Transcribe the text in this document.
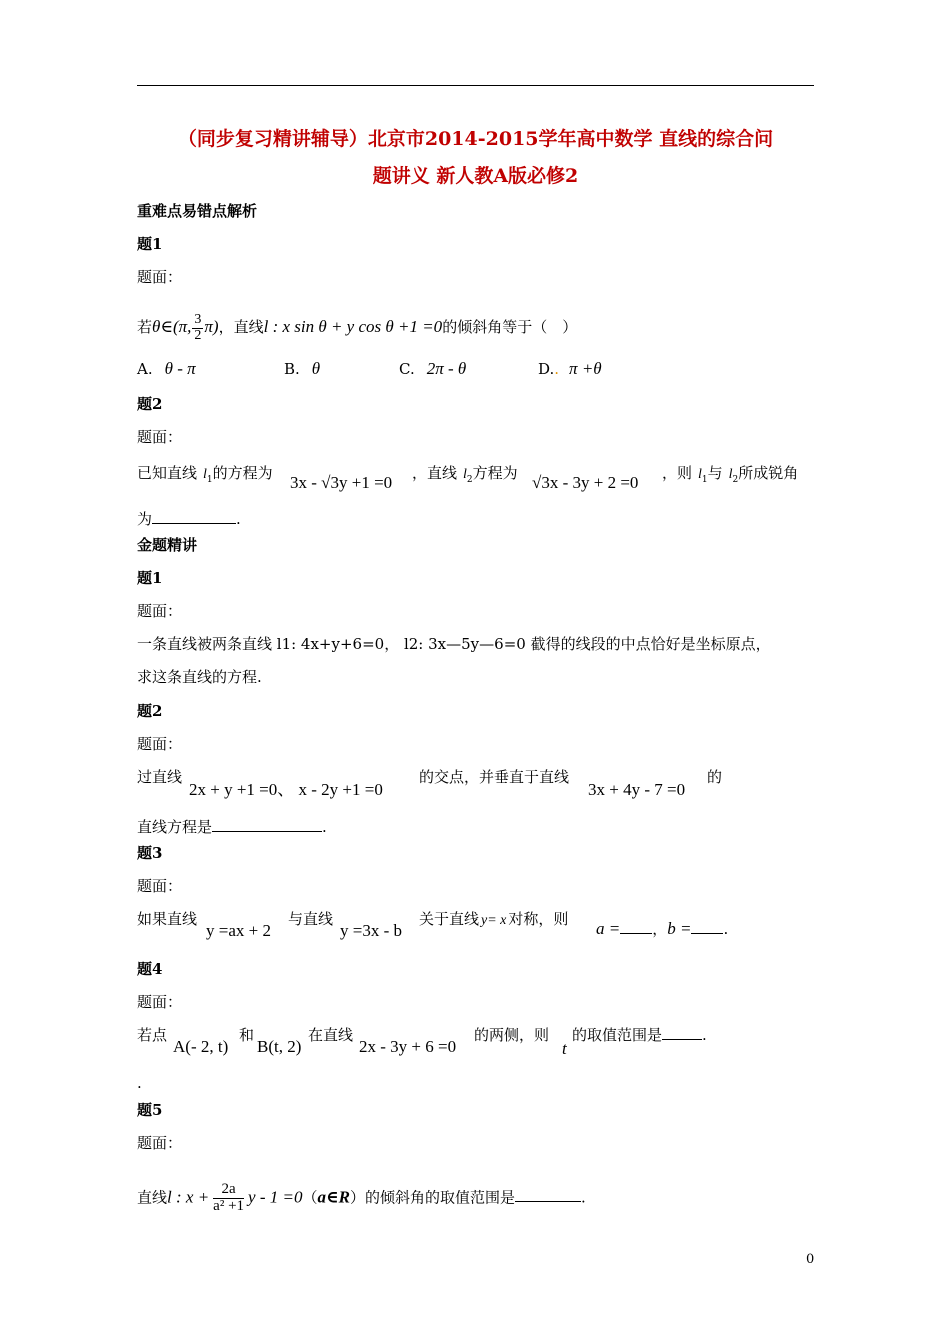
（同步复习精讲辅导）北京市2014-2015学年高中数学 直线的综合问
题讲义 新人教A版必修2
重难点易错点解析
题1
题面：
若θ∈(π, $\frac{3}{2} \pi$)，直线l : x sin θ + y cos θ +1 =0的倾斜角等于（　）
A. θ - π	B. θ	C. 2π - θ	D.. π +θ
题2
题面：
已知直线 $l_1$的方程为 3x - √3y +1 =0 ，直线 $l_2$方程为 √3x - 3y + 2 =0 ，则 $l_1$与 $l_2$所成锐角
为	.
金题精讲
题1
题面：
一条直线被两条直线 l1: 4x+y+6=0， l2: 3x—5y—6=0 截得的线段的中点恰好是坐标原点，
求这条直线的方程.
题2
题面：
过直线
2x + y +1 =0、 x - 2y +1 =0
的交点，并垂直于直线
3x + 4y - 7 =0
的
直线方程是	.
题3
题面：
如果直线
y =ax + 2
与直线
y =3x - b
关于直线 y= x 对称，则 a = ，b = .
题4
题面：
若点
A(- 2, t)
和
B(t, 2)
在直线
2x - 3y + 6 =0
的两侧，则
t
的取值范围是	.
.
题5
题面：
直线l : $x + \frac{2a}{\text{a² +1}}$ y - 1 =0（a∈R）的倾斜角的取值范围是	.
0
